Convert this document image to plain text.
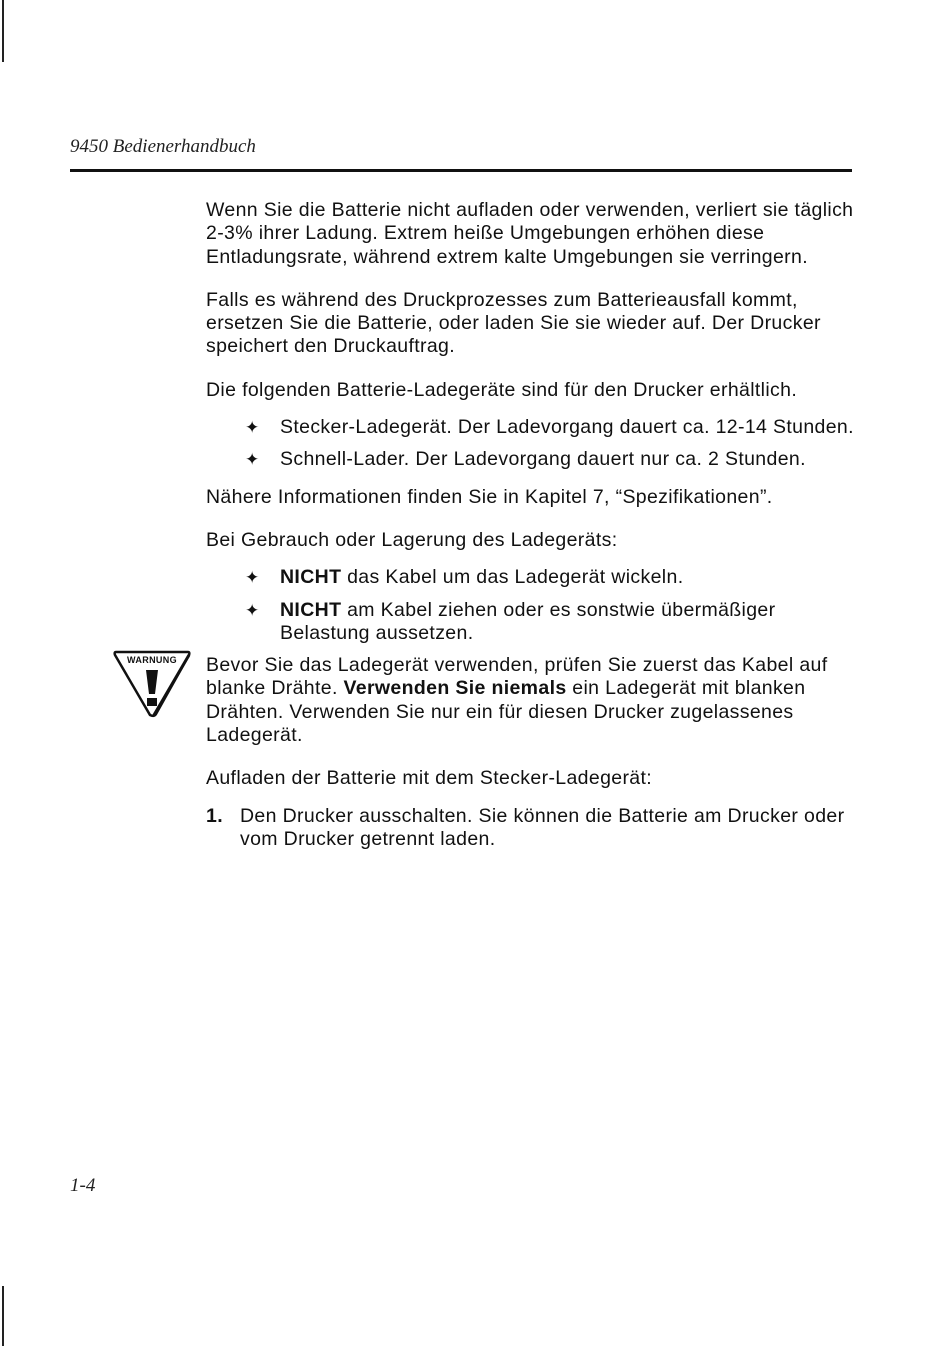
9450 Bedienerhandbuch

Wenn Sie die Batterie nicht aufladen oder verwenden, verliert sie täglich 2-3% ihrer Ladung. Extrem heiße Umgebungen erhöhen diese Entladungsrate, während extrem kalte Umgebungen sie verringern.

Falls es während des Druckprozesses zum Batterieausfall kommt, ersetzen Sie die Batterie, oder laden Sie sie wieder auf. Der Drucker speichert den Druckauftrag.

Die folgenden Batterie-Ladegeräte sind für den Drucker erhältlich.

✦ Stecker-Ladegerät. Der Ladevorgang dauert ca. 12-14 Stunden.
✦ Schnell-Lader. Der Ladevorgang dauert nur ca. 2 Stunden.

Nähere Informationen finden Sie in Kapitel 7, “Spezifikationen”.

Bei Gebrauch oder Lagerung des Ladegeräts:

✦ NICHT das Kabel um das Ladegerät wickeln.
✦ NICHT am Kabel ziehen oder es sonstwie übermäßiger Belastung aussetzen.

WARNUNG Bevor Sie das Ladegerät verwenden, prüfen Sie zuerst das Kabel auf blanke Drähte. Verwenden Sie niemals ein Ladegerät mit blanken Drähten. Verwenden Sie nur ein für diesen Drucker zugelassenes Ladegerät.

Aufladen der Batterie mit dem Stecker-Ladegerät:

1. Den Drucker ausschalten. Sie können die Batterie am Drucker oder vom Drucker getrennt laden.
1-4
